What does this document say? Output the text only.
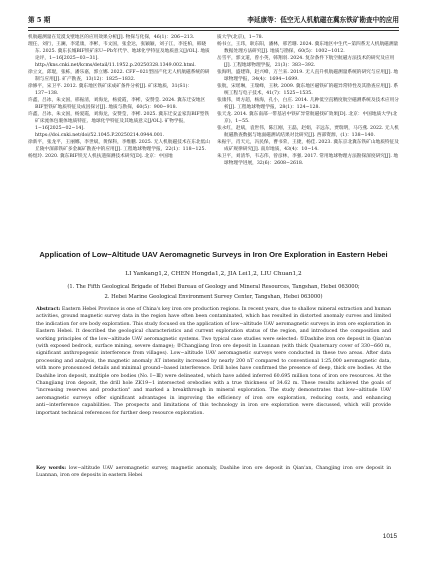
第 5 期	李延康等：低空无人机航磁在冀东铁矿勘查中的应用

机航磁测量在荒漠戈壁地区的应用效果分析[J]. 物探与化探，46(1)：206−213.

理任，刘行，王澜，李延康，李彬，韦文国，张金达，张颖颖，刘子江，李连柏，韩晓东. 2025. 冀东长城BIF铁矿床U−Pb年代学、地球化学特征及地质意义[J/OL]. 地质论评，1−16[2025−03−31]. http://kns.cnki.net/kcms/detail/11.1952.p.20250328.1349.002.html.

徐立文，邱琨，张栋，潘乐嘉，郭立娜. 2022. CFF−021型固产化无人机航磁系统的研制与应用[J]. 矿产勘查，13(12)：1825−1832.

徐修平，宋卫平. 2012. 冀东地区铁矿床成矿条件分析[J]. 矿床地质，31(S1)：137−138.

许鑫，吕冰，朱文国，邢振清，刘海龙，杨爱霞，李彬，安赞莹. 2024. 冀东迁安地区BIF型铁矿地质特征及成因探讨[J]. 地质与勘探，60(5)：900−918.

许鑫，吕冰，朱文国，杨爱霞，刘海龙，安赞莹，李彬. 2025. 冀东迁安孟家沟BIF型铁矿床流体包裹体地质特征、地球化学特征及其地质意义[J/OL]. 矿物学报，1−16[2025−02−14]. https://doi.cnki.net/doi/52.1045.P.20250214.0944.001.

徐新平，张龙平，王丽娜，李世斌，黄保科，李维鹏. 2025. 无人机航磁技术在东北低山丘陵中深部铁矿多金属矿勘查中的应用[J]. 工程地球物理学报，22(1)：118−125.

杨煜玲. 2020. 冀东BIF铁无人机扶遗探测技术研究[D]. 北京：中国地

质大学(北京)，1−78.

杨书立，王玮，耿东阳，潘林，邢若珊. 2024. 冀东地区中生代−第四系无人机航磁测量数据处理方法研究[J]. 地质与勘探，60(5)：1002−1012.

岳雪平，郭文道，曾小英，韩翔羽. 2024. 复杂条件下航空航磁方法技术的研究及应用[J]. 工程地球物理学报，21(3)：383−392.

张海明，盛建锋，赵兴峰，万兰来. 2019. 无人直升机航磁测量系统的研究与应用[J]. 地球物理学报，34(4)：1694−1699.

张航，宋瑶琳，王瑞峰，王秋. 2009. 冀东地区磁铁矿的磁异常特性及其勘查应用[J]. 系统工程与电子技术，41(7)：1525−1535.

张康伟，周方超，杨海，孔小，白庄. 2014. 几种低空直精度航空磁测系统及技术应用分析[J]. 工程地球物理学报，28(1)：124−128.

张天龙. 2014. 冀东南部一带基岩中铁矿异常航磁找矿效果[D]. 北京：中国地质大学(北京)，1−55.

张永红，赵斌，袁世伟，陈江刚，王磊，赵娟，辛远东，贾瑞明，马巧燕. 2022. 无人机航磁勘查数据与地面磁测试结果对比研究[J]. 西部资源，(1)：138−140.

朱振宇，肖天元，冯民保，曹书荣，王捷，杨佳. 2023. 冀东京北冀东铁矿山地质特征及成矿规律研究[J]. 南岸地质，43(4)：10−14.

朱卫平，刘清华，韦志伟，曾彦林，李强. 2017. 常用地球物理方法勘探深度研究[J]. 地球物理学进展，32(6)：2608−2618.

Application of Low−Altitude UAV Aeromagnetic Surveys in Iron Ore Exploration in Eastern Hebei
LI Yankang1,2, CHEN Hongda1,2, JIA Lei1,2, LIU Chuan1,2
(1. The Fifth Geological Brigade of Hebei Bureau of Geology and Mineral Resources, Tangshan, Hebei 063000;
2. Hebei Marine Geological Environment Survey Center, Tangshan, Hebei 063000)
Abstract: Eastern Hebei Province is one of China's key iron ore production regions. In recent years, due to shallow mineral extraction and human activities, ground magnetic survey data in the region have often been contaminated, which has resulted in distorted anomaly curves and limited the indication for ore body exploration. This study focused on the application of low−altitude UAV aeromagnetic surveys in iron ore exploration in Eastern Hebei. It described the geological characteristics and current exploration status of the region, and introduced the composition and working principles of the low−altitude UAV aeromagnetic systems. Two typical case studies were selected: ①Dashihe iron ore deposit in Qian'an (with exposed bedrock, surface mining, severe damage); ②Changjiang Iron ore deposit in Luannan (with thick Quaternary cover of 330−660 m, significant anthropogenic interference from villages). Low−altitude UAV aeromagnetic surveys were conducted in these two areas. After data processing and analysis, the magnetic anomaly ΔT intensity increased by nearly 200 nT compared to conventional 1∶25,000 aeromagnetic data, with more pronounced details and minimal ground−based interference. Drill holes have confirmed the presence of deep, thick ore bodies. At the Dashihe iron deposit, multiple ore bodies (No. Ⅰ−Ⅲ) were delineated, which have added inferred 60.695 million tons of iron ore resources. At the Changjiang iron deposit, the drill hole ZK19−1 intersected orebodies with a true thickness of 34.62 m. These results achieved the goals of "increasing reserves and production" and marked a breakthrough in mineral exploration. The study demonstrates that low−altitude UAV aeromagnetic surveys offer significant advantages in improving the efficiency of iron ore exploration, reducing costs, and enhancing anti−interference capabilities. The prospects and limitations of this technology in iron ore exploration were discussed, which will provide important technical references for further deep resource exploration.
Key words: low−altitude UAV aeromagnetic survey, magnetic anomaly, Dashihe iron ore deposit in Qian'an, Changjing iron ore deposit in Luannan, iron ore deposits in eastern Hebei
1015
